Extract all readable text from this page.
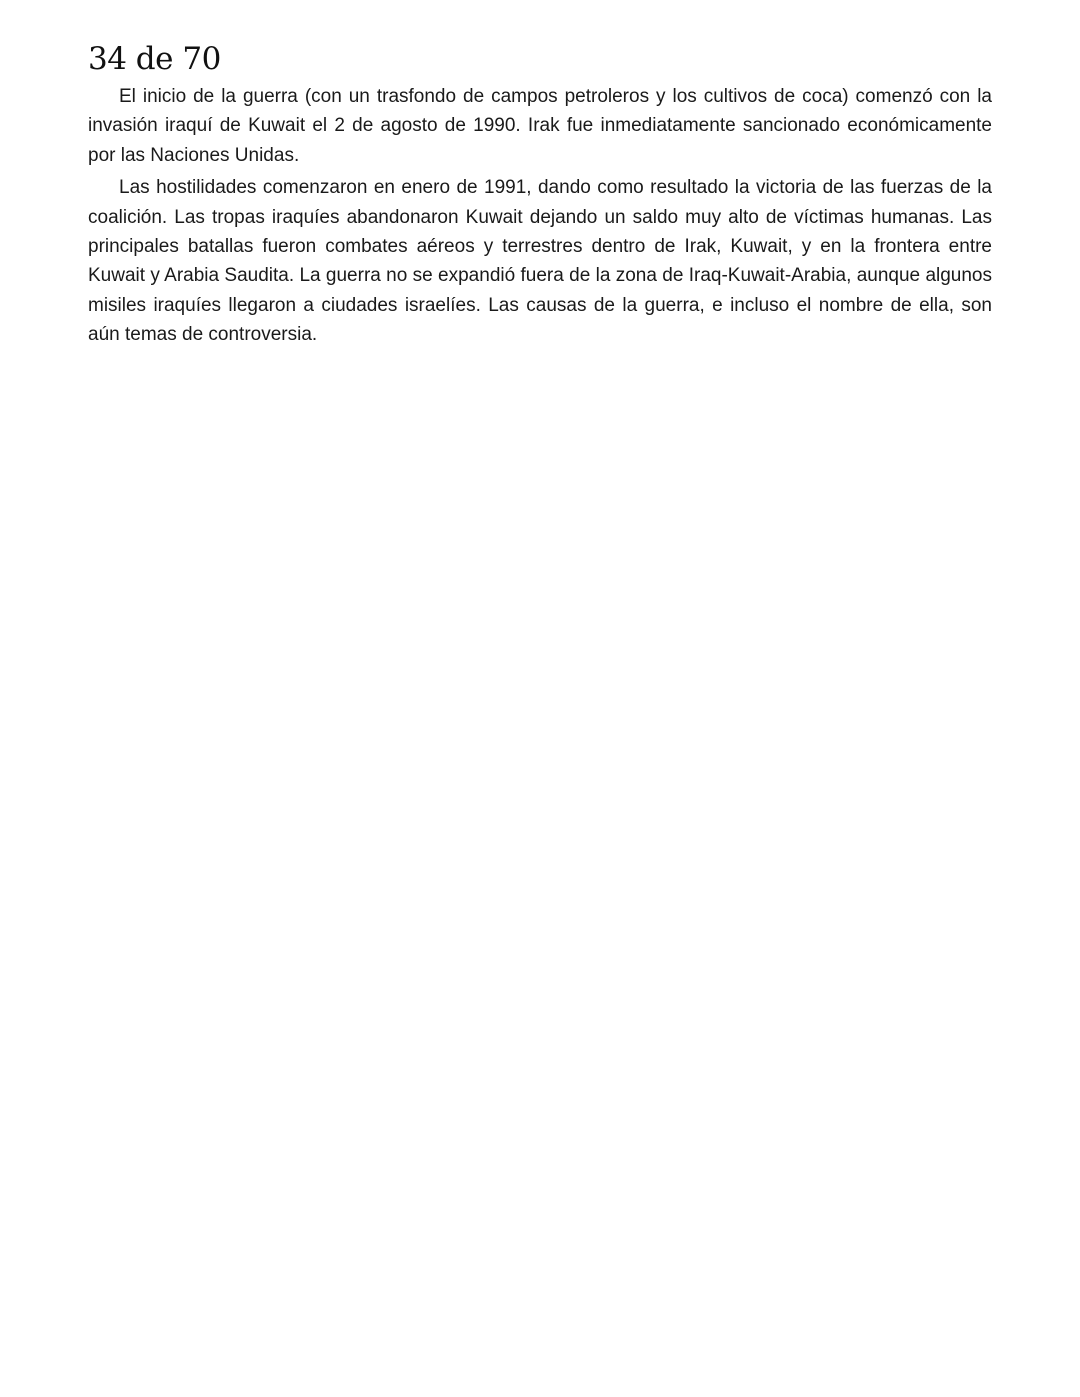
34 de 70

El inicio de la guerra (con un trasfondo de campos petroleros y los cultivos de coca) comenzó con la invasión iraquí de Kuwait el 2 de agosto de 1990. Irak fue inmediatamente sancionado económicamente por las Naciones Unidas.

Las hostilidades comenzaron en enero de 1991, dando como resultado la victoria de las fuerzas de la coalición. Las tropas iraquíes abandonaron Kuwait dejando un saldo muy alto de víctimas humanas. Las principales batallas fueron combates aéreos y terrestres dentro de Irak, Kuwait, y en la frontera entre Kuwait y Arabia Saudita. La guerra no se expandió fuera de la zona de Iraq-Kuwait-Arabia, aunque algunos misiles iraquíes llegaron a ciudades israelíes. Las causas de la guerra, e incluso el nombre de ella, son aún temas de controversia.
